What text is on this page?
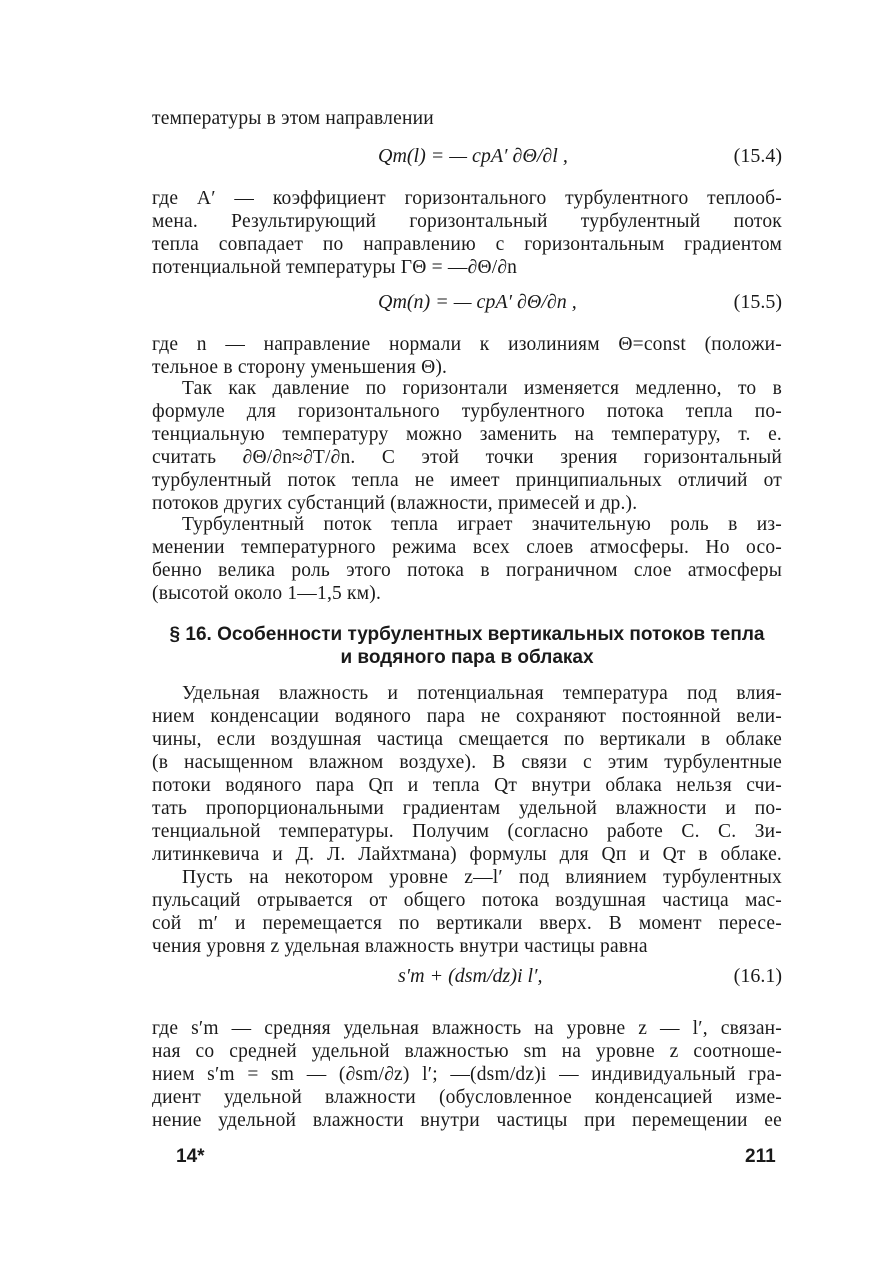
температуры в этом направлении
Qт(l) = — cpA′ ∂Θ/∂l ,	(15.4)
где A′ — коэффициент горизонтального турбулентного теплооб-
мена. Результирующий горизонтальный турбулентный поток
тепла совпадает по направлению с горизонтальным градиентом
потенциальной температуры ΓΘ = —∂Θ/∂n
Qт(n) = — cpA′ ∂Θ/∂n ,	(15.5)
где n — направление нормали к изолиниям Θ=const (положи-
тельное в сторону уменьшения Θ).
Так как давление по горизонтали изменяется медленно, то в
формуле для горизонтального турбулентного потока тепла по-
тенциальную температуру можно заменить на температуру, т. е.
считать ∂Θ/∂n≈∂T/∂n. С этой точки зрения горизонтальный
турбулентный поток тепла не имеет принципиальных отличий от
потоков других субстанций (влажности, примесей и др.).
Турбулентный поток тепла играет значительную роль в из-
менении температурного режима всех слоев атмосферы. Но осо-
бенно велика роль этого потока в пограничном слое атмосферы
(высотой около 1—1,5 км).
§ 16. Особенности турбулентных вертикальных потоков тепла
и водяного пара в облаках
Удельная влажность и потенциальная температура под влия-
нием конденсации водяного пара не сохраняют постоянной вели-
чины, если воздушная частица смещается по вертикали в облаке
(в насыщенном влажном воздухе). В связи с этим турбулентные
потоки водяного пара Qп и тепла Qт внутри облака нельзя счи-
тать пропорциональными градиентам удельной влажности и по-
тенциальной температуры. Получим (согласно работе С. С. Зи-
литинкевича и Д. Л. Лайхтмана) формулы для Qп и Qт в облаке.
Пусть на некотором уровне z—l′ под влиянием турбулентных
пульсаций отрывается от общего потока воздушная частица мас-
сой m′ и перемещается по вертикали вверх. В момент пересе-
чения уровня z удельная влажность внутри частицы равна
s′m + (dsm/dz)i l′,	(16.1)
где s′m — средняя удельная влажность на уровне z — l′, связан-
ная со средней удельной влажностью sm на уровне z соотноше-
нием s′m = sm — (∂sm/∂z) l′; —(dsm/dz)i — индивидуальный гра-
диент удельной влажности (обусловленное конденсацией изме-
нение удельной влажности внутри частицы при перемещении ее
14*	211
